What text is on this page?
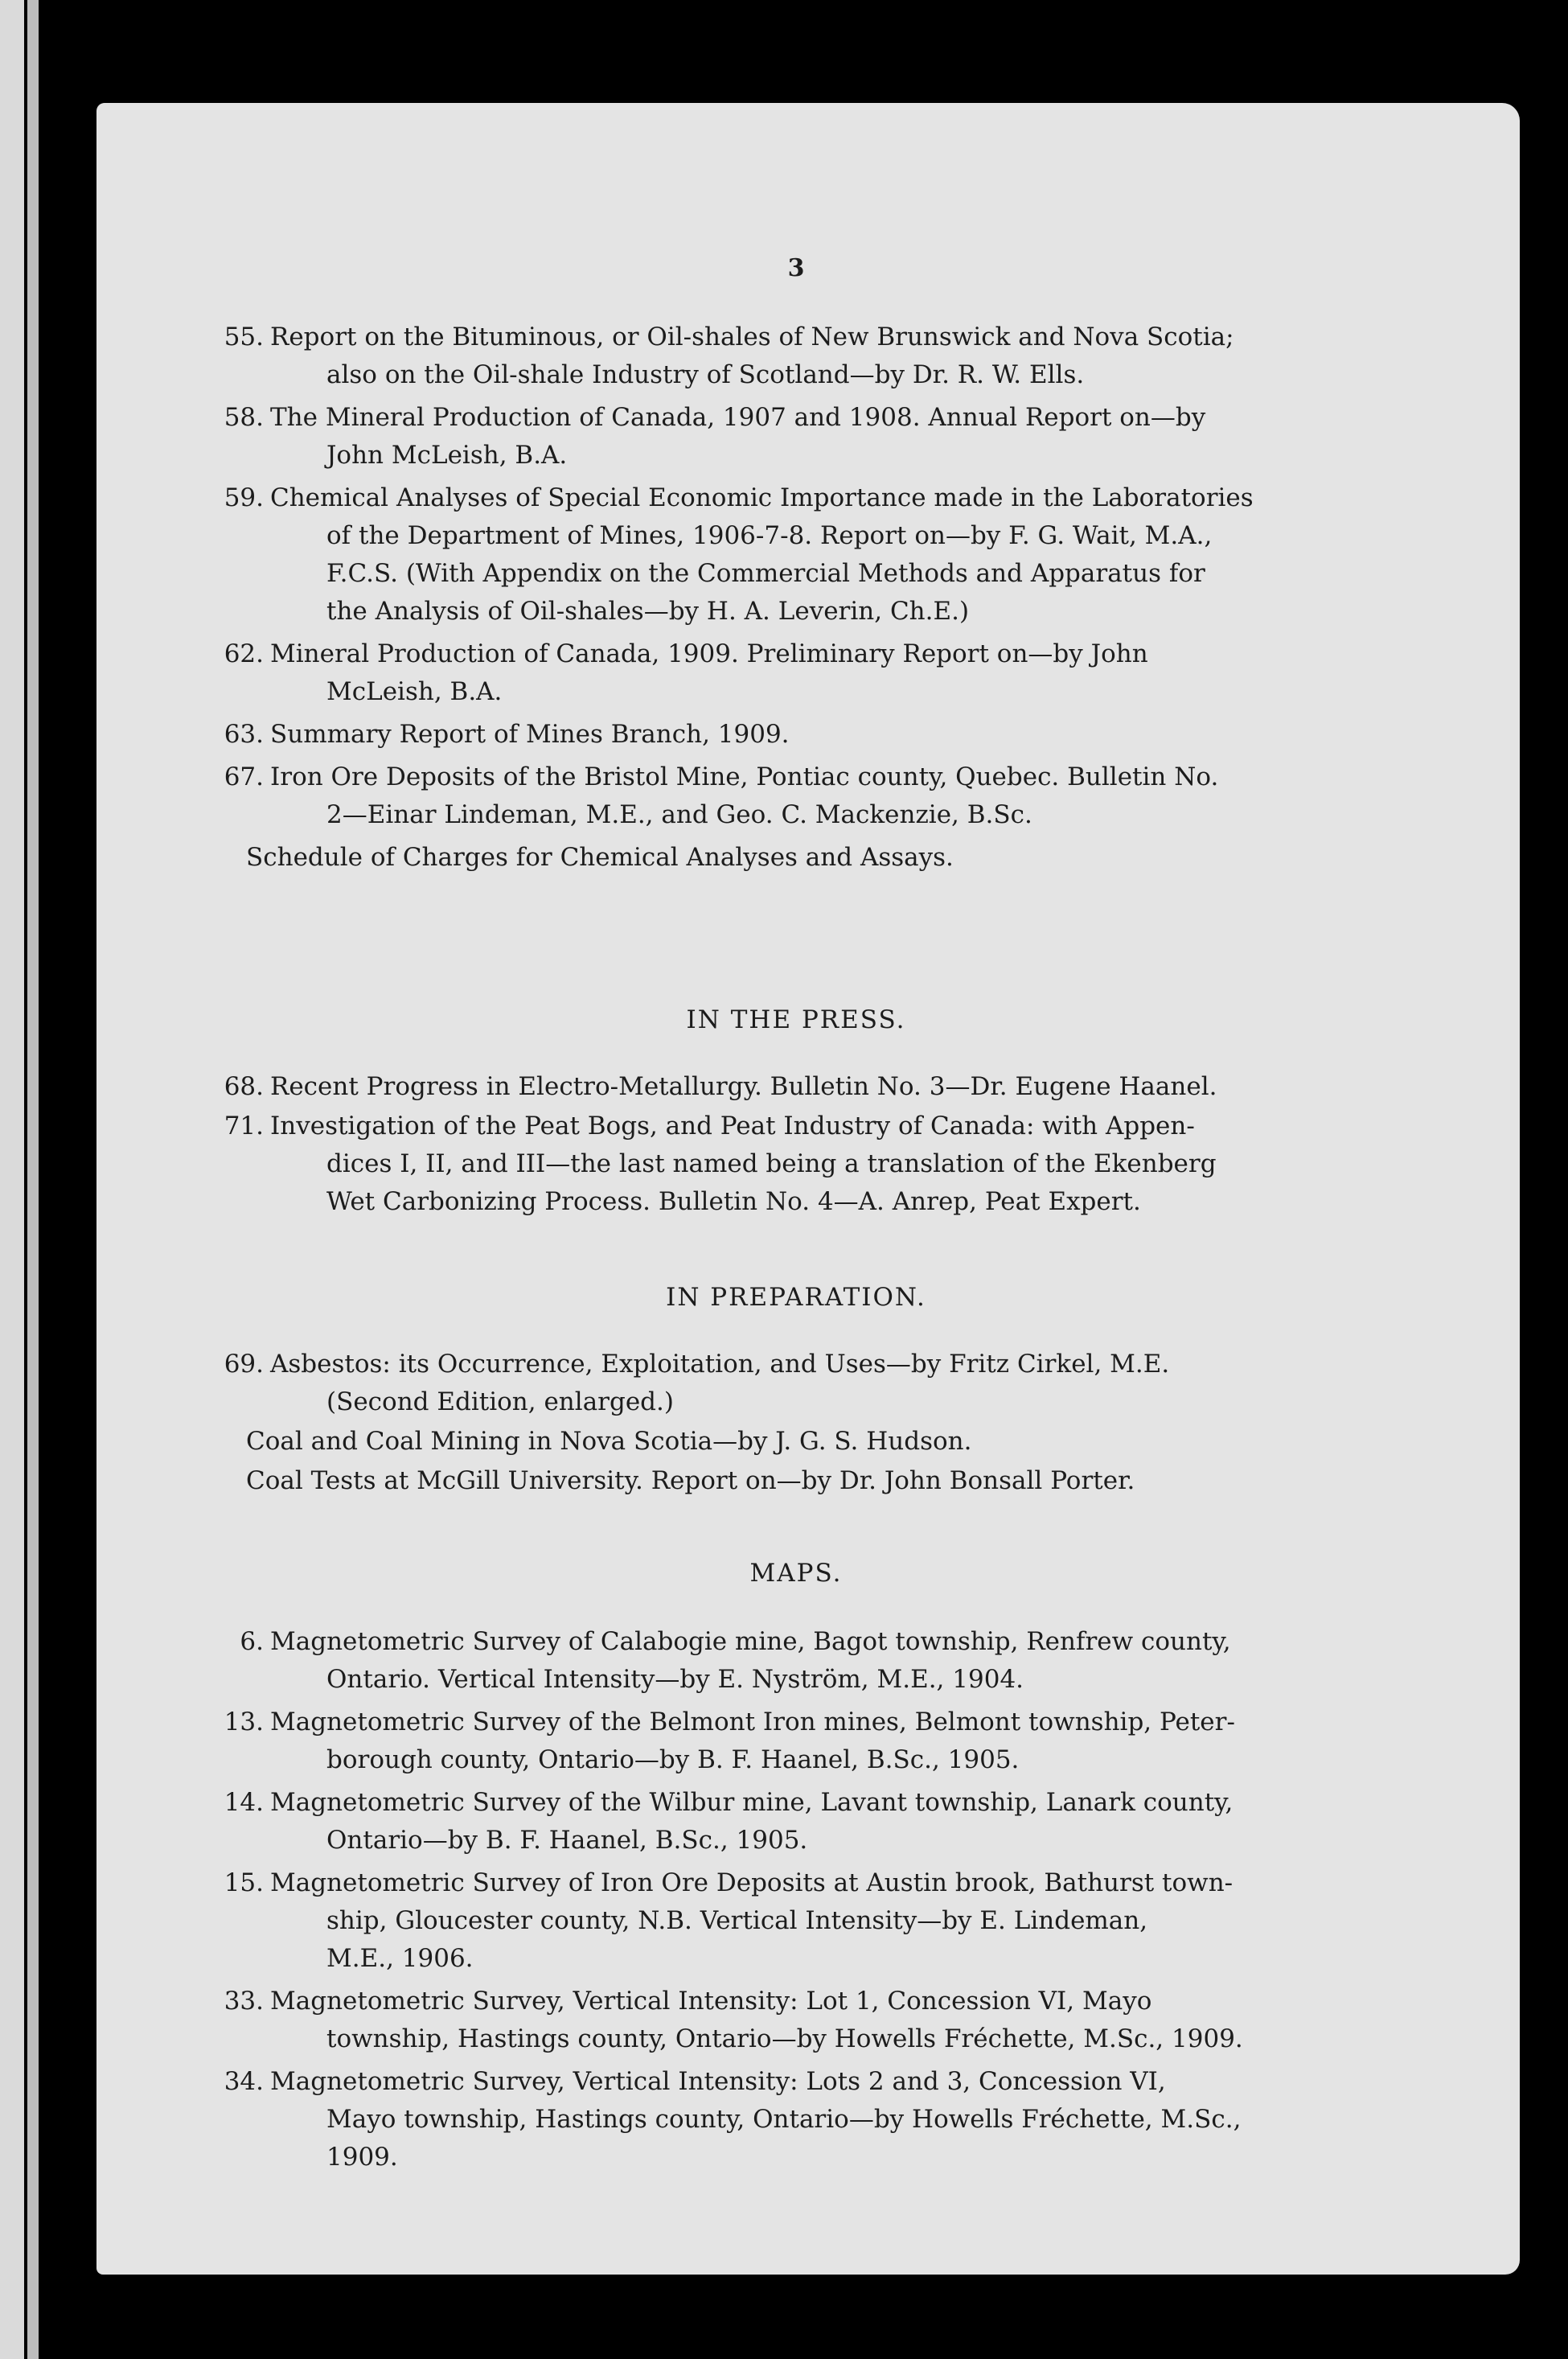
3
55. Report on the Bituminous, or Oil-shales of New Brunswick and Nova Scotia;
also on the Oil-shale Industry of Scotland—by Dr. R. W. Ells.
58. The Mineral Production of Canada, 1907 and 1908. Annual Report on—by
John McLeish, B.A.
59. Chemical Analyses of Special Economic Importance made in the Laboratories
of the Department of Mines, 1906-7-8. Report on—by F. G. Wait, M.A.,
F.C.S. (With Appendix on the Commercial Methods and Apparatus for
the Analysis of Oil-shales—by H. A. Leverin, Ch.E.)
62. Mineral Production of Canada, 1909. Preliminary Report on—by John
McLeish, B.A.
63. Summary Report of Mines Branch, 1909.
67. Iron Ore Deposits of the Bristol Mine, Pontiac county, Quebec. Bulletin No.
2—Einar Lindeman, M.E., and Geo. C. Mackenzie, B.Sc.
Schedule of Charges for Chemical Analyses and Assays.
IN THE PRESS.
68. Recent Progress in Electro-Metallurgy. Bulletin No. 3—Dr. Eugene Haanel.
71. Investigation of the Peat Bogs, and Peat Industry of Canada: with Appen-
dices I, II, and III—the last named being a translation of the Ekenberg
Wet Carbonizing Process. Bulletin No. 4—A. Anrep, Peat Expert.
IN PREPARATION.
69. Asbestos: its Occurrence, Exploitation, and Uses—by Fritz Cirkel, M.E.
(Second Edition, enlarged.)
Coal and Coal Mining in Nova Scotia—by J. G. S. Hudson.
Coal Tests at McGill University. Report on—by Dr. John Bonsall Porter.
MAPS.
6. Magnetometric Survey of Calabogie mine, Bagot township, Renfrew county,
Ontario. Vertical Intensity—by E. Nyström, M.E., 1904.
13. Magnetometric Survey of the Belmont Iron mines, Belmont township, Peter-
borough county, Ontario—by B. F. Haanel, B.Sc., 1905.
14. Magnetometric Survey of the Wilbur mine, Lavant township, Lanark county,
Ontario—by B. F. Haanel, B.Sc., 1905.
15. Magnetometric Survey of Iron Ore Deposits at Austin brook, Bathurst town-
ship, Gloucester county, N.B. Vertical Intensity—by E. Lindeman,
M.E., 1906.
33. Magnetometric Survey, Vertical Intensity: Lot 1, Concession VI, Mayo
township, Hastings county, Ontario—by Howells Fréchette, M.Sc., 1909.
34. Magnetometric Survey, Vertical Intensity: Lots 2 and 3, Concession VI,
Mayo township, Hastings county, Ontario—by Howells Fréchette, M.Sc.,
1909.
